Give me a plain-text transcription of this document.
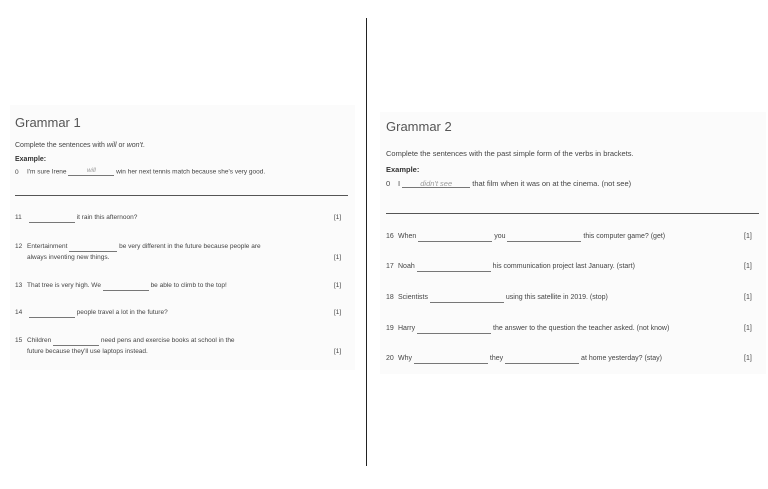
Grammar 1
Complete the sentences with will or won't.
Example:
0 I'm sure Irene	will	win her next tennis match because she's very good.
11	it rain this afternoon?	[1]
12 Entertainment	be very different in the future because people are
always inventing new things.	[1]
13 That tree is very high. We	be able to climb to the top!	[1]
14	people travel a lot in the future?	[1]
15 Children	need pens and exercise books at school in the
future because they'll use laptops instead.	[1]
Grammar 2
Complete the sentences with the past simple form of the verbs in brackets.
Example:
0 I	didn't see	that film when it was on at the cinema. (not see)
16 When	you	this computer game? (get)	[1]
17 Noah	his communication project last January. (start)	[1]
18 Scientists	using this satellite in 2019. (stop)	[1]
19 Harry	the answer to the question the teacher asked. (not know)	[1]
20 Why	they	at home yesterday? (stay)	[1]
